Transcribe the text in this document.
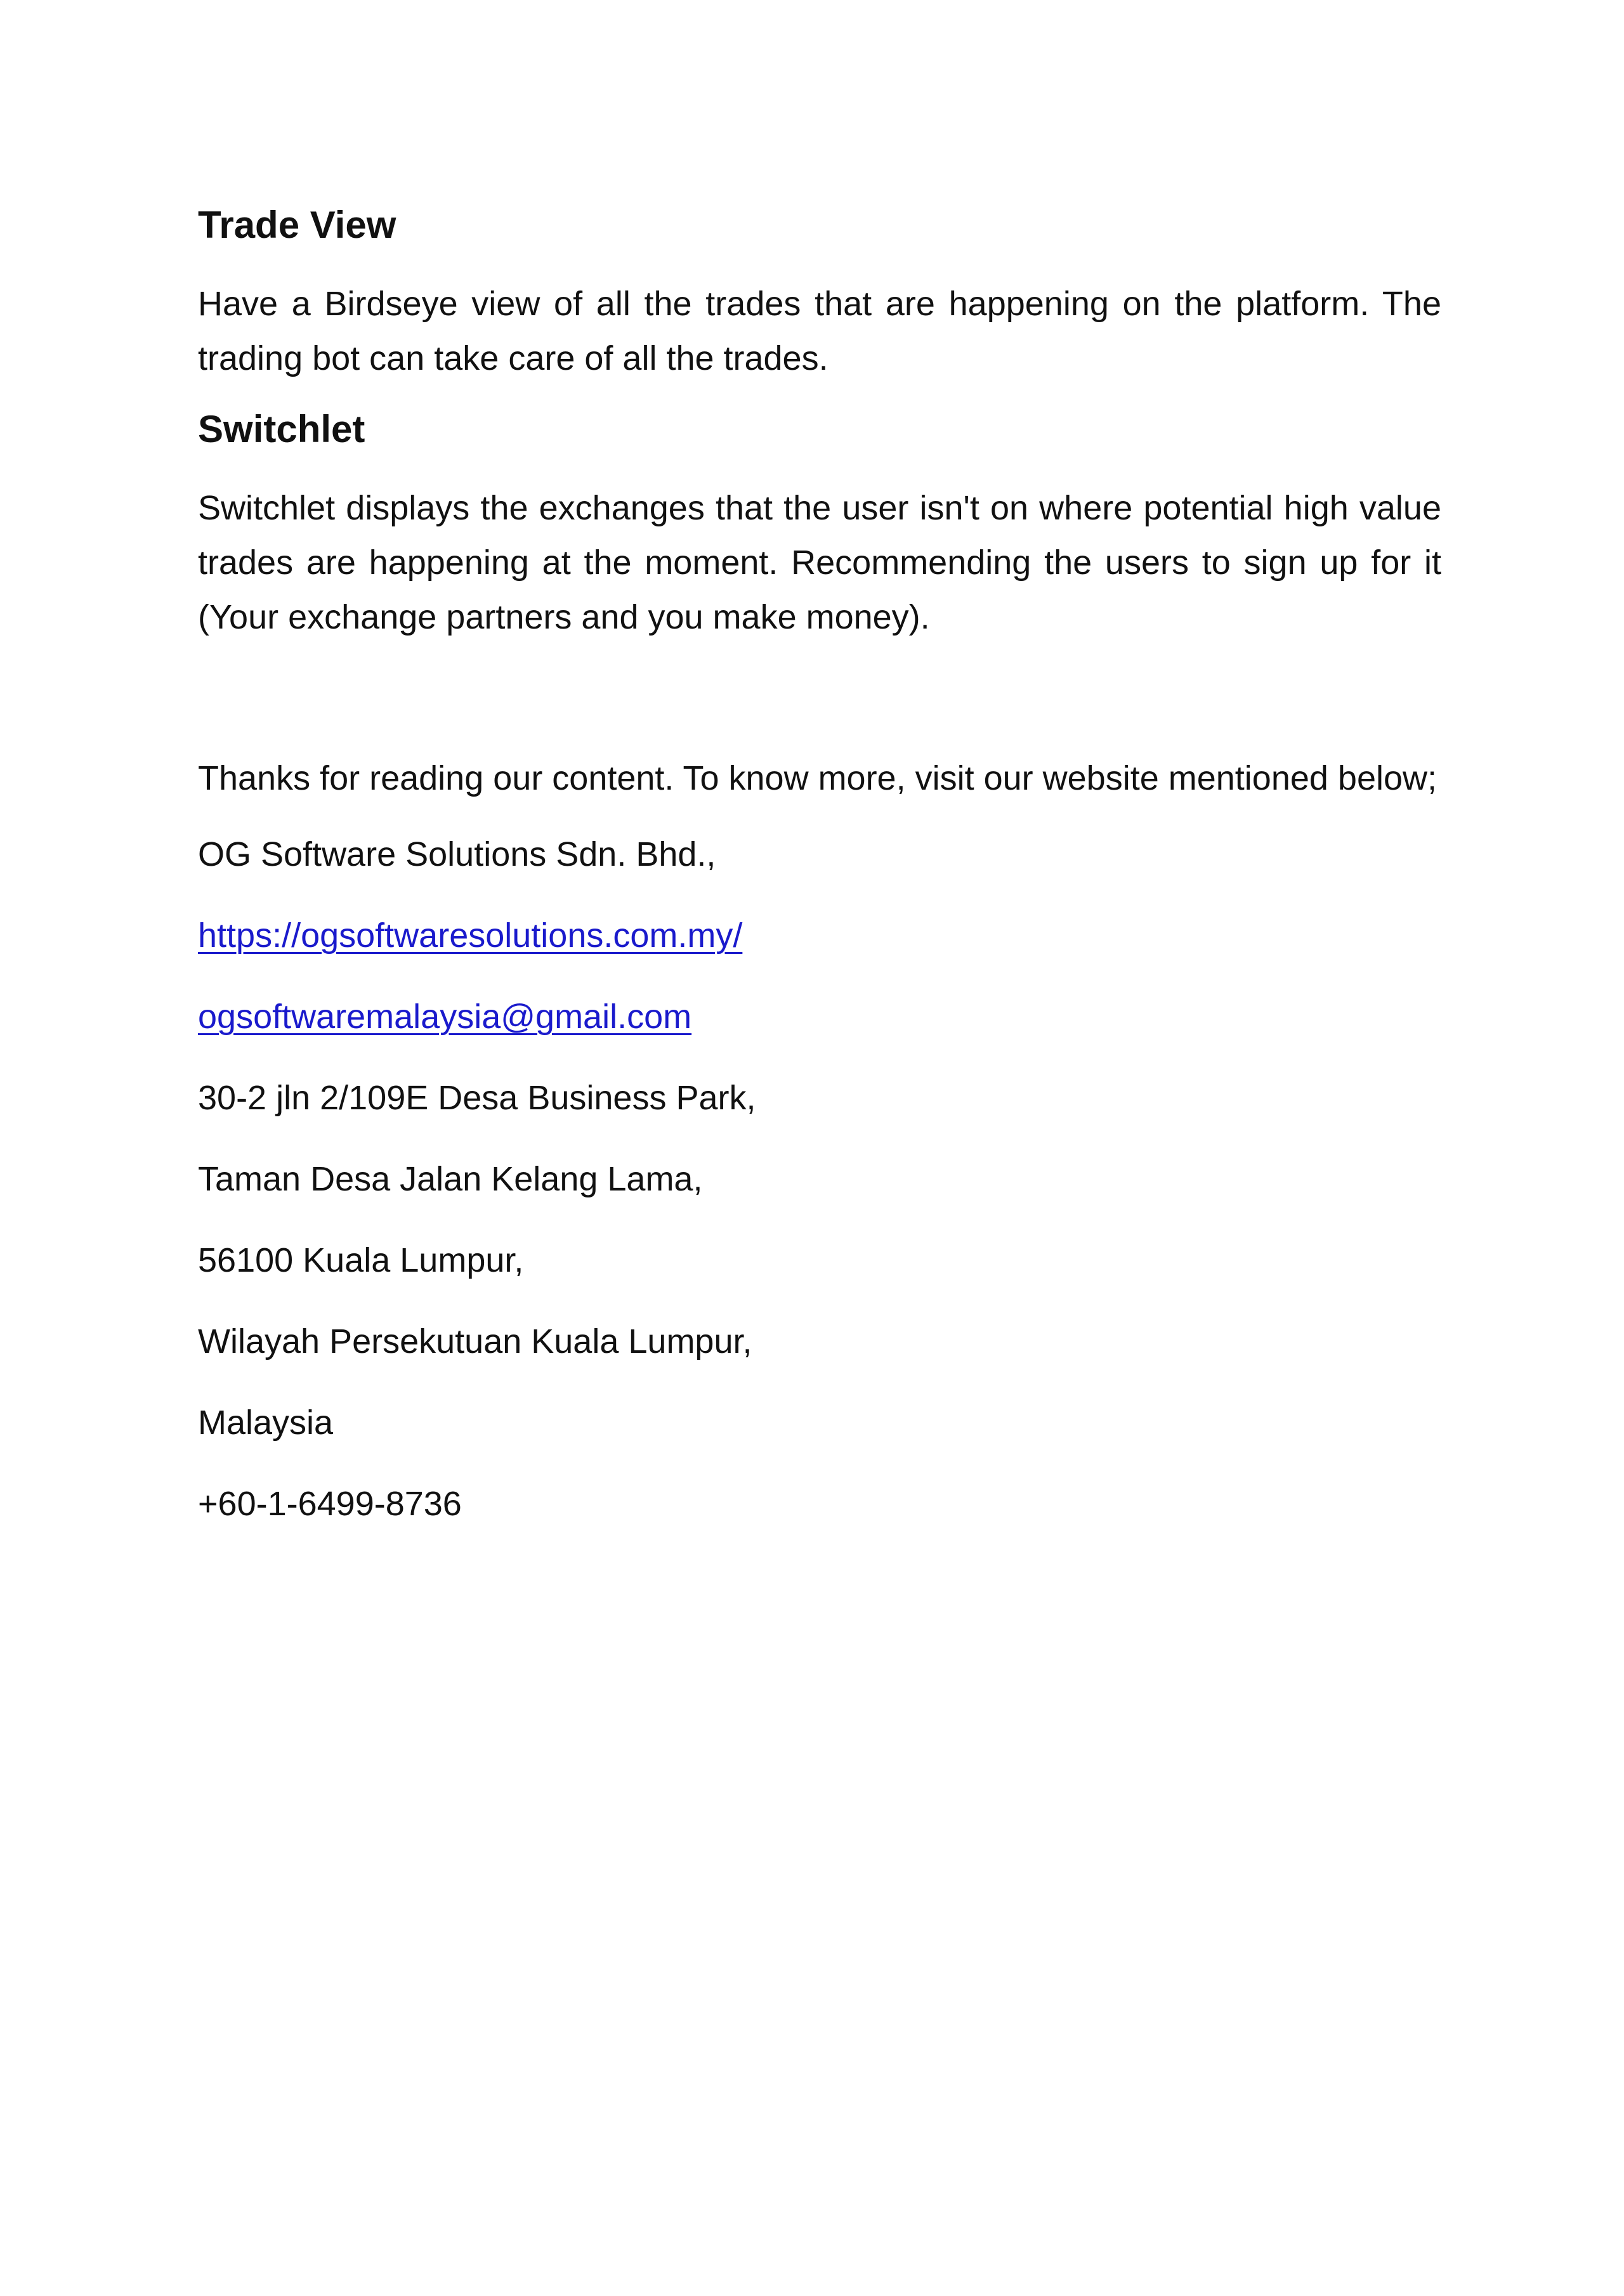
Trade View

Have a Birdseye view of all the trades that are happening on the platform. The trading bot can take care of all the trades.

Switchlet

Switchlet displays the exchanges that the user isn't on where potential high value trades are happening at the moment. Recommending the users to sign up for it (Your exchange partners and you make money).

Thanks for reading our content. To know more, visit our website mentioned below;

OG Software Solutions Sdn. Bhd.,

https://ogsoftwaresolutions.com.my/

ogsoftwaremalaysia@gmail.com

30-2 jln 2/109E Desa Business Park,

Taman Desa Jalan Kelang Lama,

56100 Kuala Lumpur,

Wilayah Persekutuan Kuala Lumpur,

Malaysia

+60-1-6499-8736
